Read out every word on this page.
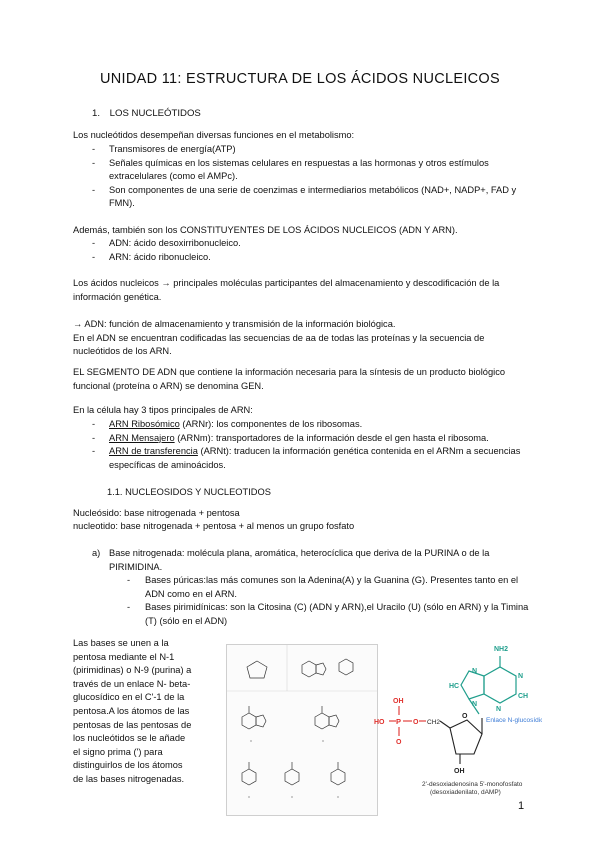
UNIDAD 11: ESTRUCTURA DE LOS ÁCIDOS NUCLEICOS
1. LOS NUCLEÓTIDOS
Los nucleótidos desempeñan diversas funciones en el metabolismo:
- Transmisores de energía(ATP)
- Señales químicas en los sistemas celulares en respuestas a las hormonas y otros estímulos extracelulares (como el AMPc).
- Son componentes de una serie de coenzimas e intermediarios metabólicos (NAD+, NADP+, FAD y FMN).
Además, también son los CONSTITUYENTES DE LOS ÁCIDOS NUCLEICOS (ADN Y ARN).
- ADN: ácido desoxirribonucleico.
- ARN: ácido ribonucleico.
Los ácidos nucleicos → principales moléculas participantes del almacenamiento y descodificación de la información genética.
→ ADN: función de almacenamiento y transmisión de la información biológica.
En el ADN se encuentran codificadas las secuencias de aa de todas las proteínas y la secuencia de nucleótidos de los ARN.
EL SEGMENTO DE ADN que contiene la información necesaria para la síntesis de un producto biológico funcional (proteína o ARN) se denomina GEN.
En la célula hay 3 tipos principales de ARN:
- ARN Ribosómico (ARNr): los componentes de los ribosomas.
- ARN Mensajero (ARNm): transportadores de la información desde el gen hasta el ribosoma.
- ARN de transferencia (ARNt): traducen la información genética contenida en el ARNm a secuencias específicas de aminoácidos.
1.1. NUCLEOSIDOS Y NUCLEOTIDOS
Nucleósido: base nitrogenada + pentosa
nucleotido: base nitrogenada + pentosa + al menos un grupo fosfato
a) Base nitrogenada: molécula plana, aromática, heterocíclica que deriva de la PURINA o de la PIRIMIDINA.
- Bases púricas:las más comunes son la Adenina(A) y la Guanina (G). Presentes tanto en el ADN como en el ARN.
- Bases pirimidínicas: son la Citosina (C) (ADN y ARN),el Uracilo (U) (sólo en ARN) y la Timina (T) (sólo en el ADN)
Las bases se unen a la pentosa mediante el N-1 (pirimidinas) o N-9 (purina) a través de un enlace N- beta-glucosídico en el C'-1 de la pentosa.A los átomos de las pentosas de las pentosas de los nucleótidos se le añade el signo prima (') para distinguirlos de los átomos de las bases nitrogenadas.
NH2
N
CH
N
N
HC
N
Enlace N-glucosídico
OH
HO P
O
O CH2
O
OH
2'-desoxiadenosina 5'-monofosfato
(desoxiadenilato, dAMP)
1
